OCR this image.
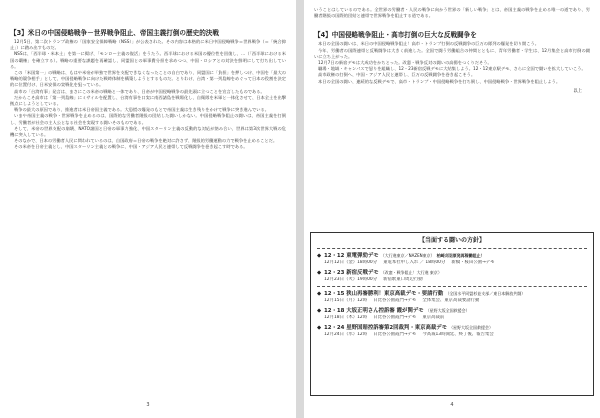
【3】米日の中国侵略戦争－世界戦争阻止、帝国主義打倒の歴史的決戦

12月5日、第二次トランプ政権の「国家安全保障戦略（NSS）」が公表された。その内容は本格的に米日中国侵略戦争＝世界戦争（＝「統合抑止」）に踏み出すものだ。

NSSは、「西半球・米本土」を第一に掲げ、「モンロー主義の復活」をうたう。西半球における米国の優位性を回復し、…（「西半球における米国の覇権」を確立する）。戦略の重要な課題を再確認し、同盟国との軍事費分担を求めつつ、中国・ロシアとの対決を鮮明にして打ち出している。

この「米国第一」の戦略は、もはや米帝が単独で世界を支配できなくなったことの自白であり、同盟国に「負担」を押しつけ、中国を「最大の戦略的競争相手」として、中国侵略戦争に向けた戦時体制を構築しようとするものだ。とりわけ、台湾・第一列島線をめぐって日本の役割を決定的に位置付け、日米安保の実戦化を狙っている。

高市の「台湾有事」発言は、まさにこの米帝の戦略と一体であり、日帝が中国侵略戦争の最先頭に立つことを宣言したものである。

だからこそ高市は「第一列島線」にミサイルを配置し、台湾有事を口実に南西諸島を戦場化し、自衛隊を米軍と一体化させて、日本全土を出撃拠点にしようとしている。

戦争の最大の原因であり、推進者は米日帝国主義である。大恐慌の爆発のもとで帝国主義は生き残りをかけて戦争に突き進んでいる。

いまや帝国主義の戦争・世界戦争を止めるのは、国際的な労働者階級の団結した闘いしかない。中国侵略戦争阻止の闘いは、帝国主義を打倒し、労働者が社会の主人公となる社会を実現する闘いそのものである。

そして、米帝の世界支配の崩壊、NATO諸国と日帝の軍事力強化、中国スターリン主義の反動的な対応が絡み合い、世界は第3次世界大戦の危機に突入している。

そのなかで、日本の労働者人民に問われているのは、自国政府＝日帝の戦争を絶対に許さず、階級的労働運動の力で戦争を止めることだ。

その米帝を日帝主義とし、中国スターリン主義との戦争に、中国・アジア人民と連帯して反戦闘争を巻き起こす時である。

3

いうことはしているのである。全世界の労働者・人民の戦争に向かう世界の「新しい戦争」とは、帝国主義の戦争を止める唯一の道であり、労働者階級の国際的団結と連帯で世界戦争を阻止する道である。

【4】中国侵略戦争阻止・高市打倒の巨大な反戦闘争を

本日の全国の闘いは、米日の中国侵略戦争阻止！高市・トランプ打倒の反戦闘争の巨万の隊列の爆発を切り開こう。

今年、労働者の国際連帯と反戦闘争は大きく前進した。全国で闘う労働組合の仲間とともに、青年労働者・学生は、12月集会と高市打倒の闘いに立ち上がった。

12月7日の新宿デモは大成功をかちとった。改憲・戦争反対の闘いの高揚をつくりだそう。

職場・地域・キャンパスで怒りを組織し、12・23新宿反戦デモに大結集しよう。12・12東京駅デモ、さらに全国で闘いを拡大していこう。

高市政権の打倒へ、中国・アジア人民と連帯し、巨万の反戦闘争を巻き起こそう。

本日の全国の闘い、連続的な反戦デモで、高市・トランプ・中国侵略戦争を打ち倒し、中国侵略戦争・世界戦争を阻止しよう。

以上
【当面する闘いの方針】
◆ 12・12 東電弾劾デモ （大行進東京／NAZEN東京） 柏崎刈羽原発再稼働阻止！
12月12日（金）18時00分 東電本社申し入れ ／ 18時00分 新橋・桜田公園→デモ
◆ 12・23 新宿反戦デモ （改憲・戦争阻止！大行進 東京）
12月23日（火）19時00分 新宿駅東口周辺行動
◆ 12・15 狭山再審勝利！東京高裁デモ・要請行動 （全国水平同盟杉並支部／東日本解放共闘）
12月15日（月）12時 日比谷公園霞門→デモ 全体集会、東京高裁要請行動
◆ 12・18 大坂正明さん控訴審 霞が関デモ （星野大坂全国救援会）
12月18日（木）12時 日比谷公園霞門→デモ 東京高裁前
◆ 12・24 星野国賠控訴審第2回裁判・東京高裁デモ （星野大坂全国救援会）
12月24日（水）12時 日比谷公園霞門→デモ 今高裁13時開廷、終了後、報告集会
4
